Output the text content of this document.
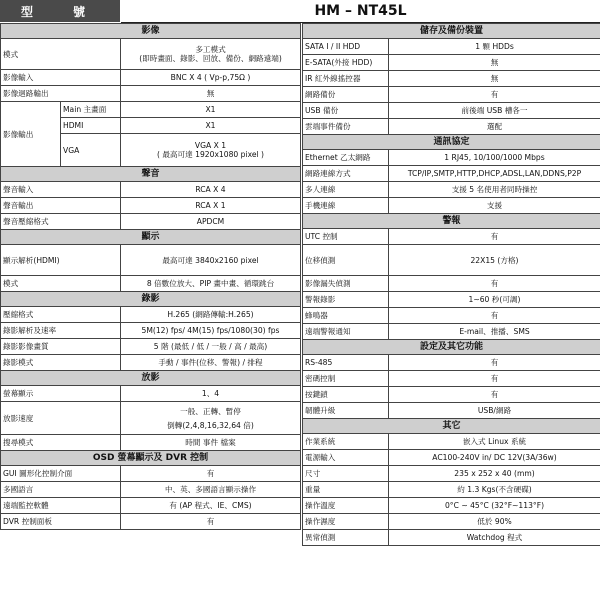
型　號	HM – NT45L
影像		
模式		多工模式
(即時畫面、錄影、回放、備份、網路遠端)

影像輸入		BNC X 4 ( Vp-p,75Ω )
影像迴路輸出		無
影像輸出	Main 主畫面	X1
	HDMI	X1
	VGA	VGA X 1
( 最高可達 1920x1080 pixel )

聲音		
聲音輸入		RCA X 4
聲音輸出		RCA X 1
聲音壓縮格式		APDCM
顯示		
顯示解析(HDMI)		最高可達 3840x2160 pixel
模式		8 倍數位放大、PIP 畫中畫、循環跳台
錄影		
壓縮格式		H.265 (網路傳輸:H.265)
錄影解析及速率		5M(12) fps/ 4M(15) fps/1080(30) fps
錄影影像畫質		5 階 (最低 / 低 / 一般 / 高 / 最高)
錄影模式		手動 / 事件(位移、警報) / 排程
放影		
螢幕顯示		1、4
放影速度		一般、正轉、暫停
倒轉(2,4,8,16,32,64 倍)

搜尋模式		時間 事件 檔案
OSD 螢幕顯示及 DVR 控制		
GUI 圖形化控制介面		有
多國語言		中、英、多國語言顯示操作
遠端監控軟體		有 (AP 程式、IE、CMS)
DVR 控制面板		有
儲存及備份裝置	
SATA I / II HDD	1 顆 HDDs
E-SATA(外接 HDD)	無
IR 紅外線搖控器	無
網路備份	有
USB 備份	前後端 USB 槽各一
雲端事件備份	選配
通訊協定	
Ethernet 乙太網路	1 RJ45, 10/100/1000 Mbps
網路連線方式	TCP/IP,SMTP,HTTP,DHCP,ADSL,LAN,DDNS,P2P
多人連線	支援 5 名使用者同時操控
手機連線	支援
警報	
UTC 控制	有
位移偵測	22X15 (方格)
影像漏失偵測	有
警報錄影	1~60 秒(可調)
蜂鳴器	有
遠端警報通知	E-mail、推播、SMS
設定及其它功能	
RS-485	有
密碼控制	有
按鍵鎖	有
韌體升級	USB/網路
其它	
作業系統	嵌入式 Linux 系統
電源輸入	AC100-240V in/ DC 12V(3A/36w)
尺寸	235 x 252 x 40 (mm)
重量	約 1.3 Kgs(不含硬碟)
操作溫度	0°C ~ 45°C (32°F~113°F)
操作濕度	低於 90%
異常偵測	Watchdog 程式
